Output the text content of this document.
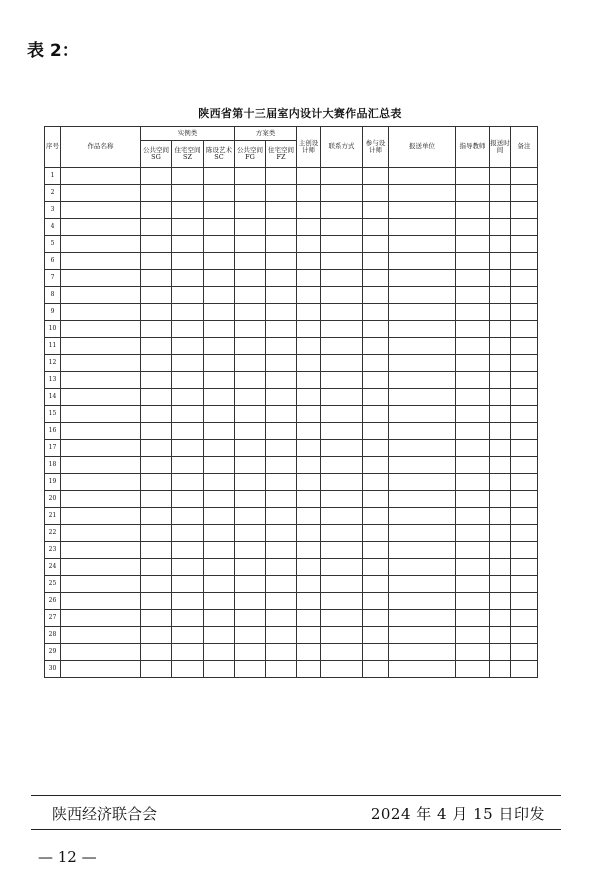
表 2：
陕西省第十三届室内设计大赛作品汇总表
序号	作品名称	实例类			方案类		主创设计师	联系方式	参与设计师	报送单位	指导教师	报送时间	备注
		公共空间 SG	住宅空间 SZ	陈设艺术 SC	公共空间 FG	住宅空间 FZ							
1													
2													
3													
4													
5													
6													
7													
8													
9													
10													
11													
12													
13													
14													
15													
16													
17													
18													
19													
20													
21													
22													
23													
24													
25													
26													
27													
28													
29													
30													
陕西经济联合会	2024 年 4 月 15 日印发
— 12 —
